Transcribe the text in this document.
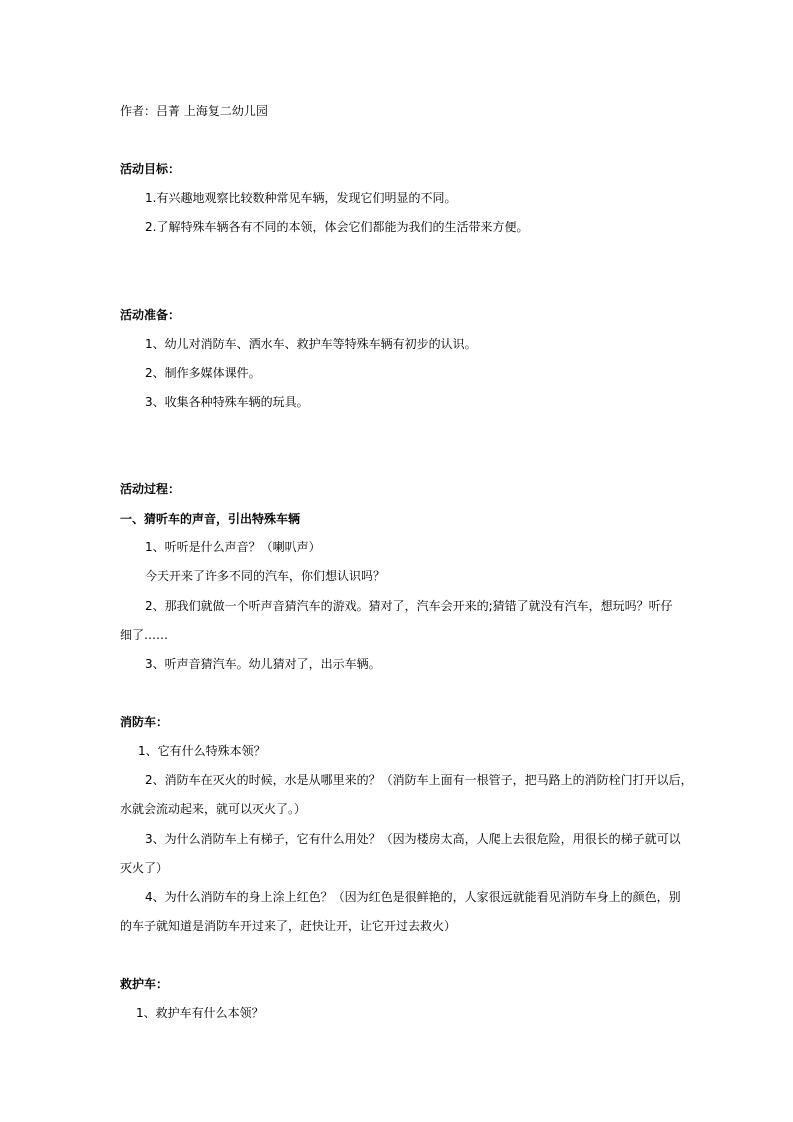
作者：吕菁 上海复二幼儿园

活动目标：

1.有兴趣地观察比较数种常见车辆，发现它们明显的不同。

2.了解特殊车辆各有不同的本领，体会它们都能为我们的生活带来方便。

活动准备：

1、幼儿对消防车、洒水车、救护车等特殊车辆有初步的认识。

2、制作多媒体课件。

3、收集各种特殊车辆的玩具。

活动过程：

一、猜听车的声音，引出特殊车辆

1、听听是什么声音？（喇叭声）

今天开来了许多不同的汽车，你们想认识吗？

2、那我们就做一个听声音猜汽车的游戏。猜对了，汽车会开来的;猜错了就没有汽车，想玩吗？听仔

细了……

3、听声音猜汽车。幼儿猜对了，出示车辆。

消防车：

1、它有什么特殊本领？

2、消防车在灭火的时候，水是从哪里来的？（消防车上面有一根管子，把马路上的消防栓门打开以后，

水就会流动起来，就可以灭火了。）

3、为什么消防车上有梯子，它有什么用处？（因为楼房太高，人爬上去很危险，用很长的梯子就可以

灭火了）

4、为什么消防车的身上涂上红色？（因为红色是很鲜艳的，人家很远就能看见消防车身上的颜色，别

的车子就知道是消防车开过来了，赶快让开，让它开过去救火）

救护车：

1、救护车有什么本领？
